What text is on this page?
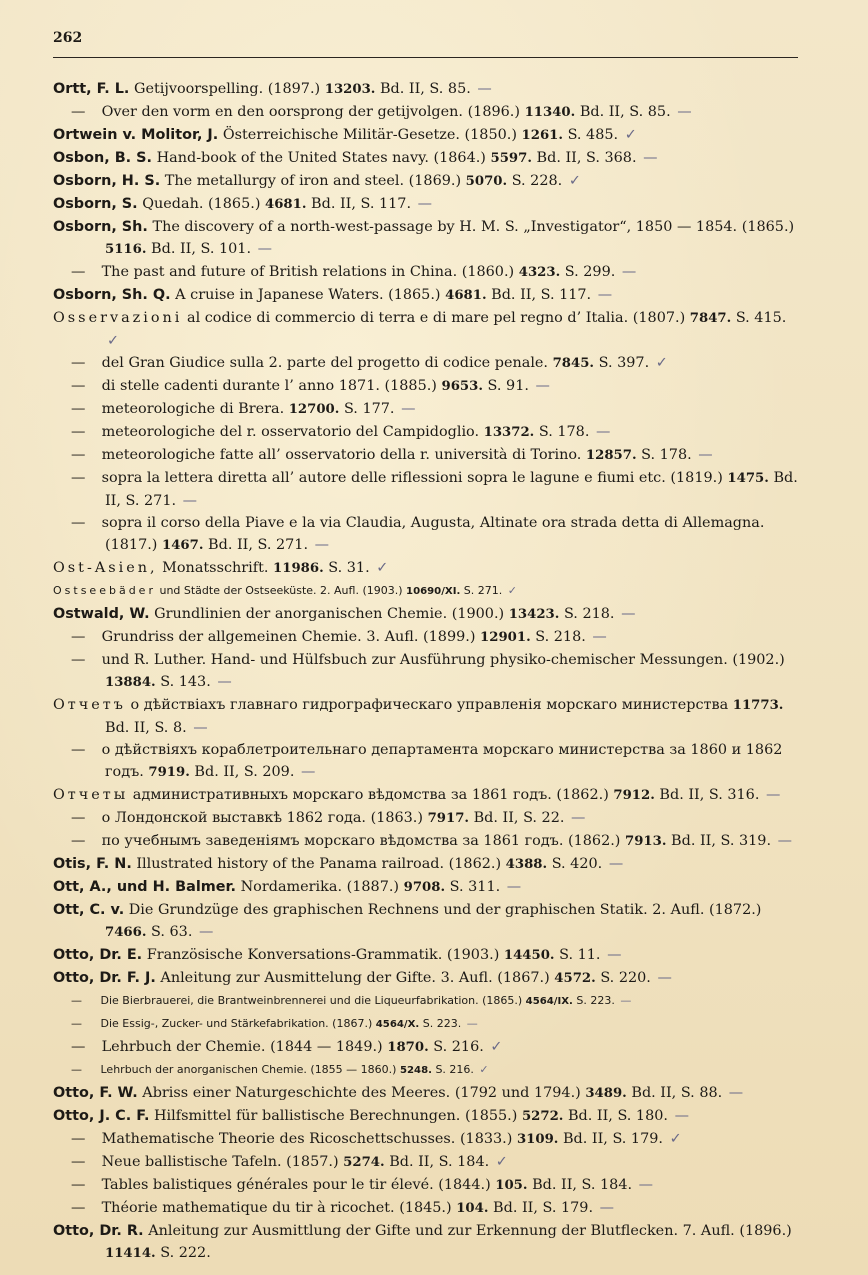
262
Ortt, F. L. Getijvoorspelling. (1897.) 13203. Bd. II, S. 85. —
— Over den vorm en den oorsprong der getijvolgen. (1896.) 11340. Bd. II, S. 85. —
Ortwein v. Molitor, J. Österreichische Militär-Gesetze. (1850.) 1261. S. 485. ✓
Osbon, B. S. Hand-book of the United States navy. (1864.) 5597. Bd. II, S. 368. —
Osborn, H. S. The metallurgy of iron and steel. (1869.) 5070. S. 228. ✓
Osborn, S. Quedah. (1865.) 4681. Bd. II, S. 117. —
Osborn, Sh. The discovery of a north-west-passage by H. M. S. „Investigator“, 1850 — 1854. (1865.) 5116. Bd. II, S. 101. —
— The past and future of British relations in China. (1860.) 4323. S. 299. —
Osborn, Sh. Q. A cruise in Japanese Waters. (1865.) 4681. Bd. II, S. 117. —
Osservazioni al codice di commercio di terra e di mare pel regno d’ Italia. (1807.) 7847. S. 415. ✓
— del Gran Giudice sulla 2. parte del progetto di codice penale. 7845. S. 397. ✓
— di stelle cadenti durante l’ anno 1871. (1885.) 9653. S. 91. —
— meteorologiche di Brera. 12700. S. 177. —
— meteorologiche del r. osservatorio del Campidoglio. 13372. S. 178. —
— meteorologiche fatte all’ osservatorio della r. università di Torino. 12857. S. 178. —
— sopra la lettera diretta all’ autore delle riflessioni sopra le lagune e fiumi etc. (1819.) 1475. Bd. II, S. 271. —
— sopra il corso della Piave e la via Claudia, Augusta, Altinate ora strada detta di Allemagna. (1817.) 1467. Bd. II, S. 271. —
Ost-Asien, Monatsschrift. 11986. S. 31. ✓
Ostseebäder und Städte der Ostseeküste. 2. Aufl. (1903.) 10690/XI. S. 271. ✓
Ostwald, W. Grundlinien der anorganischen Chemie. (1900.) 13423. S. 218. —
— Grundriss der allgemeinen Chemie. 3. Aufl. (1899.) 12901. S. 218. —
— und R. Luther. Hand- und Hülfsbuch zur Ausführung physiko-chemischer Messungen. (1902.) 13884. S. 143. —
Отчетъ о дѣйствiахъ главнаго гидрографическаго управленiя морскаго министерства 11773. Bd. II, S. 8. —
— о дѣйствiяхъ кораблетроительнаго департамента морскаго министерства за 1860 и 1862 годъ. 7919. Bd. II, S. 209. —
Отчеты административныхъ морскаго вѣдомства за 1861 годъ. (1862.) 7912. Bd. II, S. 316. —
— о Лондонской выставкѣ 1862 года. (1863.) 7917. Bd. II, S. 22. —
— по учебнымъ заведенiямъ морскаго вѣдомства за 1861 годъ. (1862.) 7913. Bd. II, S. 319. —
Otis, F. N. Illustrated history of the Panama railroad. (1862.) 4388. S. 420. —
Ott, A., und H. Balmer. Nordamerika. (1887.) 9708. S. 311. —
Ott, C. v. Die Grundzüge des graphischen Rechnens und der graphischen Statik. 2. Aufl. (1872.) 7466. S. 63. —
Otto, Dr. E. Französische Konversations-Grammatik. (1903.) 14450. S. 11. —
Otto, Dr. F. J. Anleitung zur Ausmittelung der Gifte. 3. Aufl. (1867.) 4572. S. 220. —
— Die Bierbrauerei, die Brantweinbrennerei und die Liqueurfabrikation. (1865.) 4564/IX. S. 223. —
— Die Essig-, Zucker- und Stärkefabrikation. (1867.) 4564/X. S. 223. —
— Lehrbuch der Chemie. (1844 — 1849.) 1870. S. 216. ✓
— Lehrbuch der anorganischen Chemie. (1855 — 1860.) 5248. S. 216. ✓
Otto, F. W. Abriss einer Naturgeschichte des Meeres. (1792 und 1794.) 3489. Bd. II, S. 88. —
Otto, J. C. F. Hilfsmittel für ballistische Berechnungen. (1855.) 5272. Bd. II, S. 180. —
— Mathematische Theorie des Ricoschettschusses. (1833.) 3109. Bd. II, S. 179. ✓
— Neue ballistische Tafeln. (1857.) 5274. Bd. II, S. 184. ✓
— Tables balistiques générales pour le tir élevé. (1844.) 105. Bd. II, S. 184. —
— Théorie mathematique du tir à ricochet. (1845.) 104. Bd. II, S. 179. —
Otto, Dr. R. Anleitung zur Ausmittlung der Gifte und zur Erkennung der Blutflecken. 7. Aufl. (1896.) 11414. S. 222.
